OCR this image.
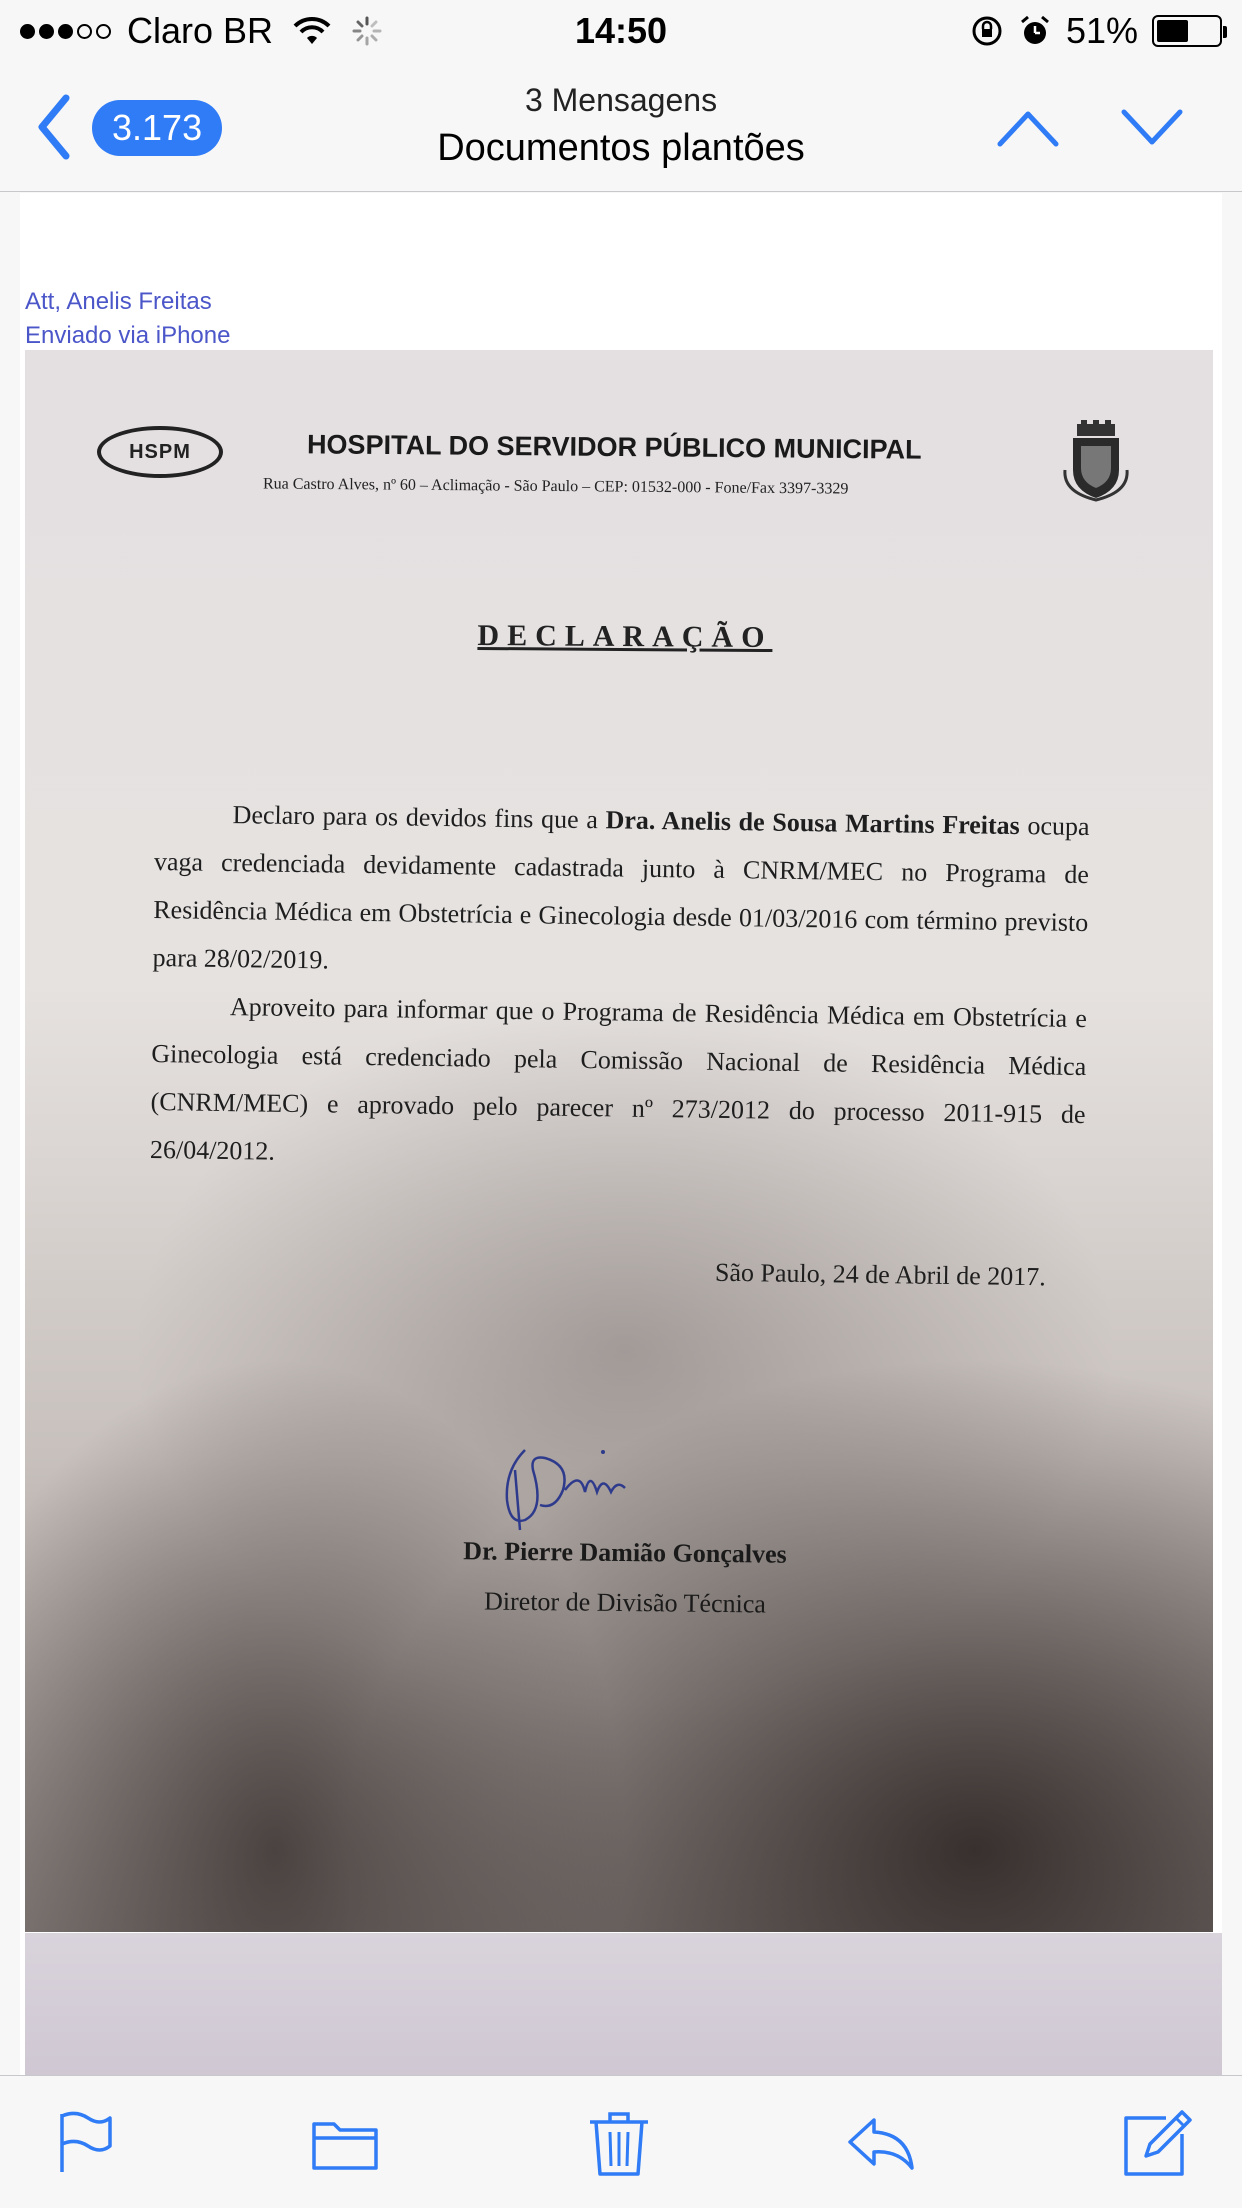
Claro BR	14:50	51%
3.173
3 Mensagens
Documentos plantões
Att, Anelis Freitas
Enviado via iPhone
HSPM	HOSPITAL DO SERVIDOR PÚBLICO MUNICIPAL
Rua Castro Alves, nº 60 – Aclimação - São Paulo – CEP: 01532-000 - Fone/Fax 3397-3329
DECLARAÇÃO

Declaro para os devidos fins que a Dra. Anelis de Sousa Martins Freitas ocupa vaga credenciada devidamente cadastrada junto à CNRM/MEC no Programa de Residência Médica em Obstetrícia e Ginecologia desde 01/03/2016 com término previsto para 28/02/2019.

Aproveito para informar que o Programa de Residência Médica em Obstetrícia e Ginecologia está credenciado pela Comissão Nacional de Residência Médica (CNRM/MEC) e aprovado pelo parecer nº 273/2012 do processo 2011-915 de 26/04/2012.

São Paulo, 24 de Abril de 2017.
Dr. Pierre Damião Gonçalves
Diretor de Divisão Técnica
